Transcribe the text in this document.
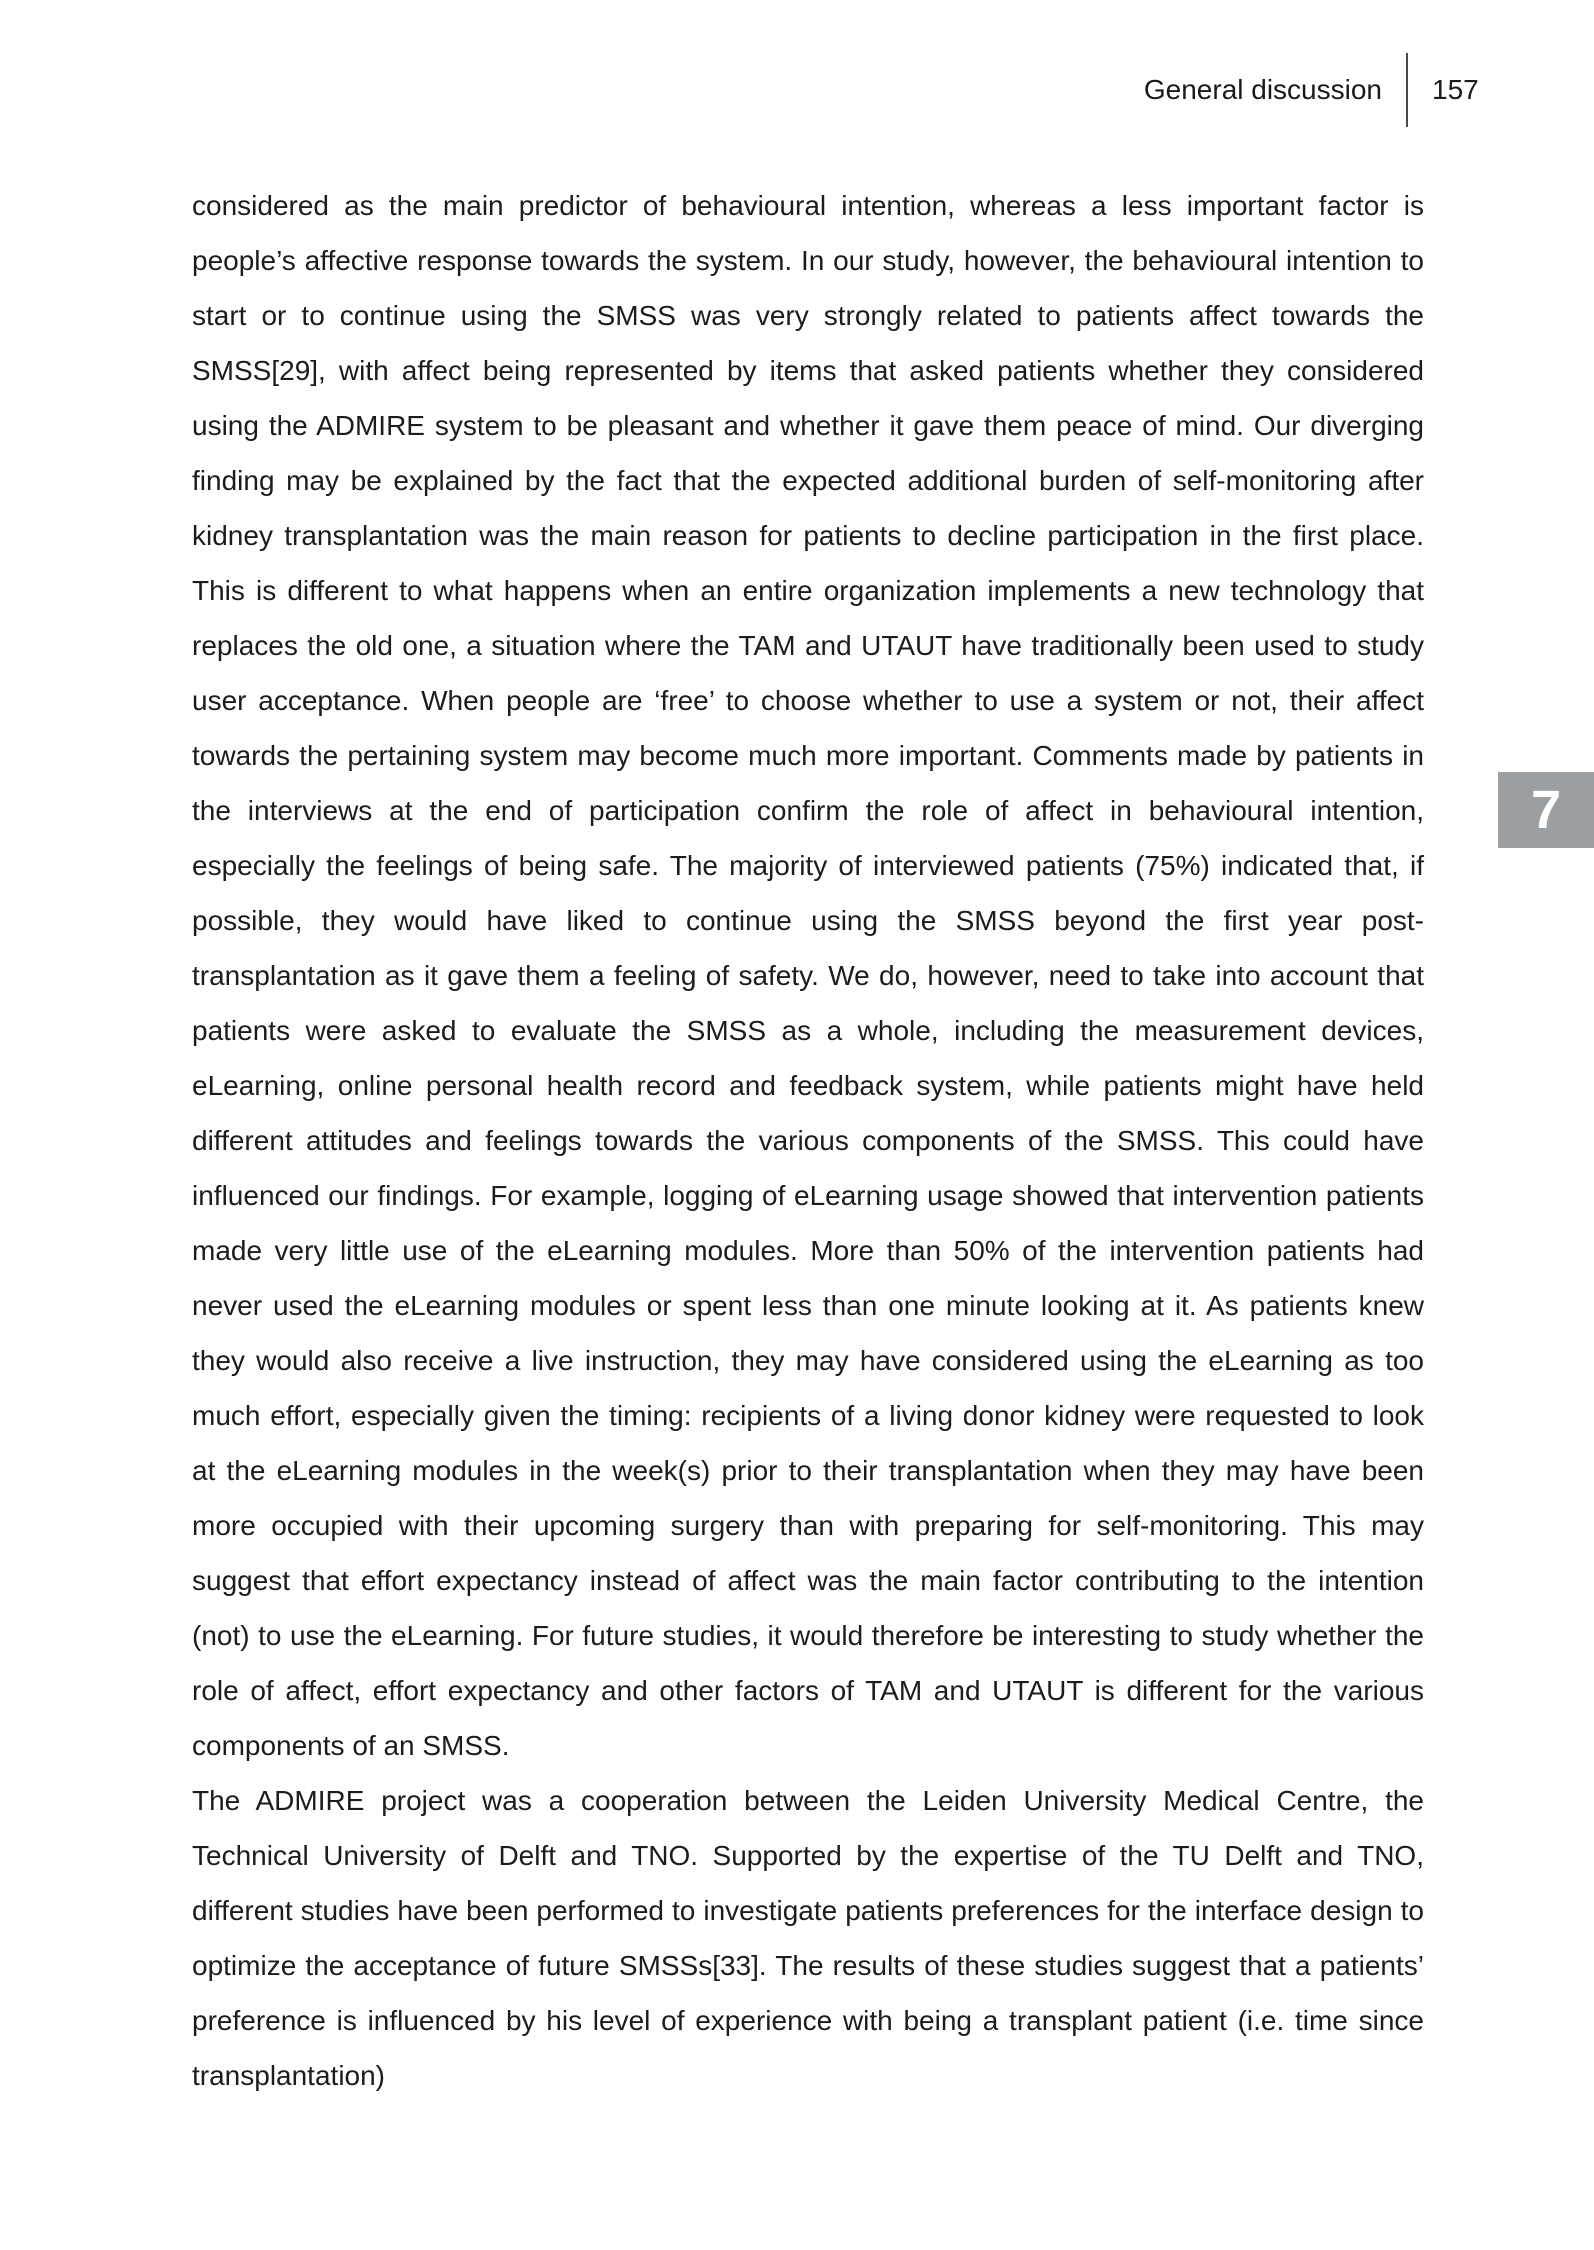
General discussion	157
7

considered as the main predictor of behavioural intention, whereas a less important factor is people’s affective response towards the system. In our study, however, the behavioural intention to start or to continue using the SMSS was very strongly related to patients affect towards the SMSS[29], with affect being represented by items that asked patients whether they considered using the ADMIRE system to be pleasant and whether it gave them peace of mind. Our diverging finding may be explained by the fact that the expected additional burden of self-monitoring after kidney transplantation was the main reason for patients to decline participation in the first place. This is different to what happens when an entire organization implements a new technology that replaces the old one, a situation where the TAM and UTAUT have traditionally been used to study user acceptance. When people are ‘free’ to choose whether to use a system or not, their affect towards the pertaining system may become much more important. Comments made by patients in the interviews at the end of participation confirm the role of affect in behavioural intention, especially the feelings of being safe. The majority of interviewed patients (75%) indicated that, if possible, they would have liked to continue using the SMSS beyond the first year post-transplantation as it gave them a feeling of safety. We do, however, need to take into account that patients were asked to evaluate the SMSS as a whole, including the measurement devices, eLearning, online personal health record and feedback system, while patients might have held different attitudes and feelings towards the various components of the SMSS. This could have influenced our findings. For example, logging of eLearning usage showed that intervention patients made very little use of the eLearning modules. More than 50% of the intervention patients had never used the eLearning modules or spent less than one minute looking at it. As patients knew they would also receive a live instruction, they may have considered using the eLearning as too much effort, especially given the timing: recipients of a living donor kidney were requested to look at the eLearning modules in the week(s) prior to their transplantation when they may have been more occupied with their upcoming surgery than with preparing for self-monitoring. This may suggest that effort expectancy instead of affect was the main factor contributing to the intention (not) to use the eLearning. For future studies, it would therefore be interesting to study whether the role of affect, effort expectancy and other factors of TAM and UTAUT is different for the various components of an SMSS.

The ADMIRE project was a cooperation between the Leiden University Medical Centre, the Technical University of Delft and TNO. Supported by the expertise of the TU Delft and TNO, different studies have been performed to investigate patients preferences for the interface design to optimize the acceptance of future SMSSs[33]. The results of these studies suggest that a patients’ preference is influenced by his level of experience with being a transplant patient (i.e. time since transplantation)
